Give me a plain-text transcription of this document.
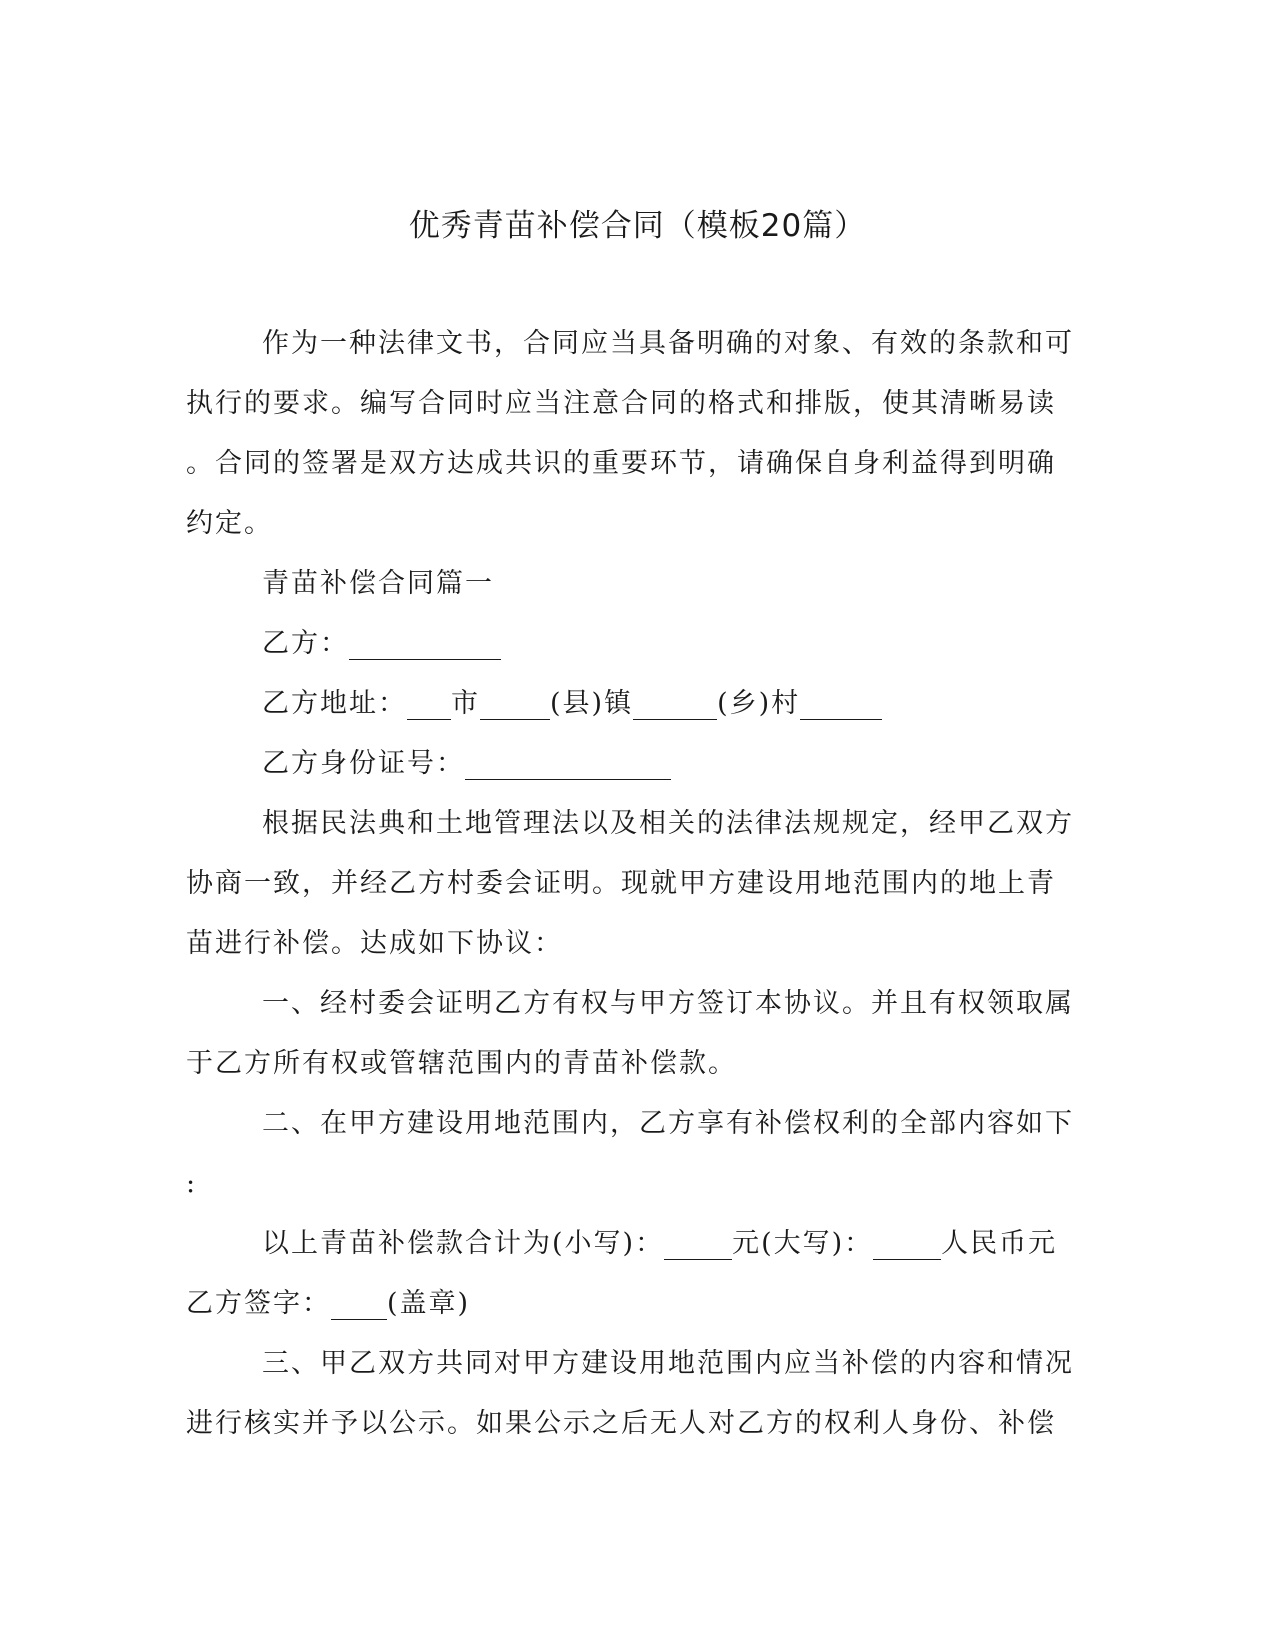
优秀青苗补偿合同（模板20篇）
作为一种法律文书，合同应当具备明确的对象、有效的条款和可
执行的要求。编写合同时应当注意合同的格式和排版，使其清晰易读
。合同的签署是双方达成共识的重要环节，请确保自身利益得到明确
约定。
青苗补偿合同篇一
乙方：
乙方地址： 市	(县)镇	(乡)村
乙方身份证号：
根据民法典和土地管理法以及相关的法律法规规定，经甲乙双方
协商一致，并经乙方村委会证明。现就甲方建设用地范围内的地上青
苗进行补偿。达成如下协议：
一、经村委会证明乙方有权与甲方签订本协议。并且有权领取属
于乙方所有权或管辖范围内的青苗补偿款。
二、在甲方建设用地范围内，乙方享有补偿权利的全部内容如下
:
以上青苗补偿款合计为(小写)：	元(大写)：	人民币元
乙方签字： (盖章)
三、甲乙双方共同对甲方建设用地范围内应当补偿的内容和情况
进行核实并予以公示。如果公示之后无人对乙方的权利人身份、补偿
